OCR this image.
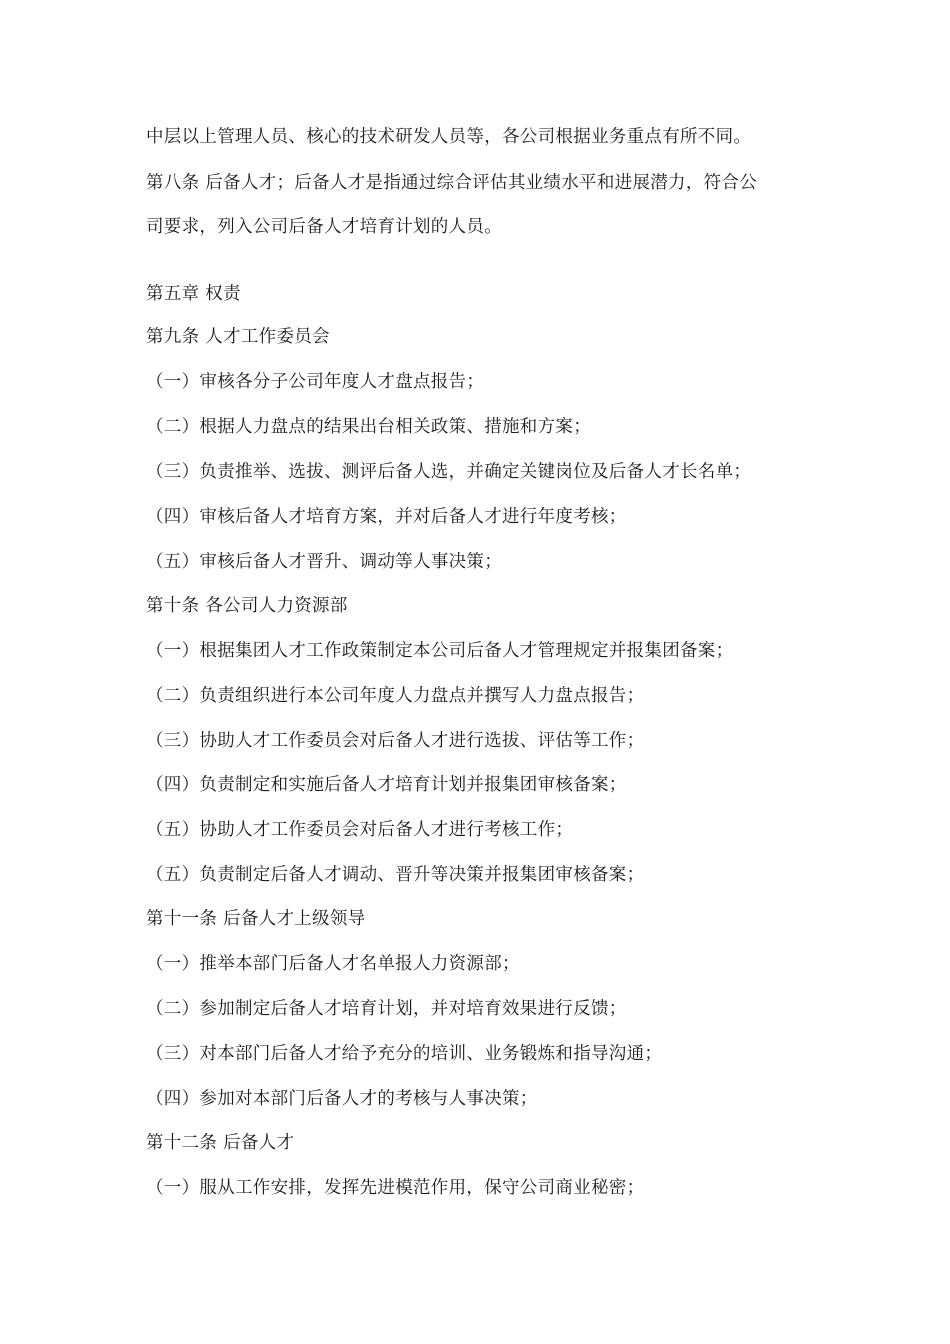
中层以上管理人员、核心的技术研发人员等，各公司根据业务重点有所不同。
第八条 后备人才；后备人才是指通过综合评估其业绩水平和进展潜力，符合公
司要求，列入公司后备人才培育计划的人员。
第五章 权责
第九条 人才工作委员会
（一）审核各分子公司年度人才盘点报告；
（二）根据人力盘点的结果出台相关政策、措施和方案；
（三）负责推举、选拔、测评后备人选，并确定关键岗位及后备人才长名单；
（四）审核后备人才培育方案，并对后备人才进行年度考核；
（五）审核后备人才晋升、调动等人事决策；
第十条 各公司人力资源部
（一）根据集团人才工作政策制定本公司后备人才管理规定并报集团备案；
（二）负责组织进行本公司年度人力盘点并撰写人力盘点报告；
（三）协助人才工作委员会对后备人才进行选拔、评估等工作；
（四）负责制定和实施后备人才培育计划并报集团审核备案；
（五）协助人才工作委员会对后备人才进行考核工作；
（五）负责制定后备人才调动、晋升等决策并报集团审核备案；
第十一条 后备人才上级领导
（一）推举本部门后备人才名单报人力资源部；
（二）参加制定后备人才培育计划，并对培育效果进行反馈；
（三）对本部门后备人才给予充分的培训、业务锻炼和指导沟通；
（四）参加对本部门后备人才的考核与人事决策；
第十二条 后备人才
（一）服从工作安排，发挥先进模范作用，保守公司商业秘密；
